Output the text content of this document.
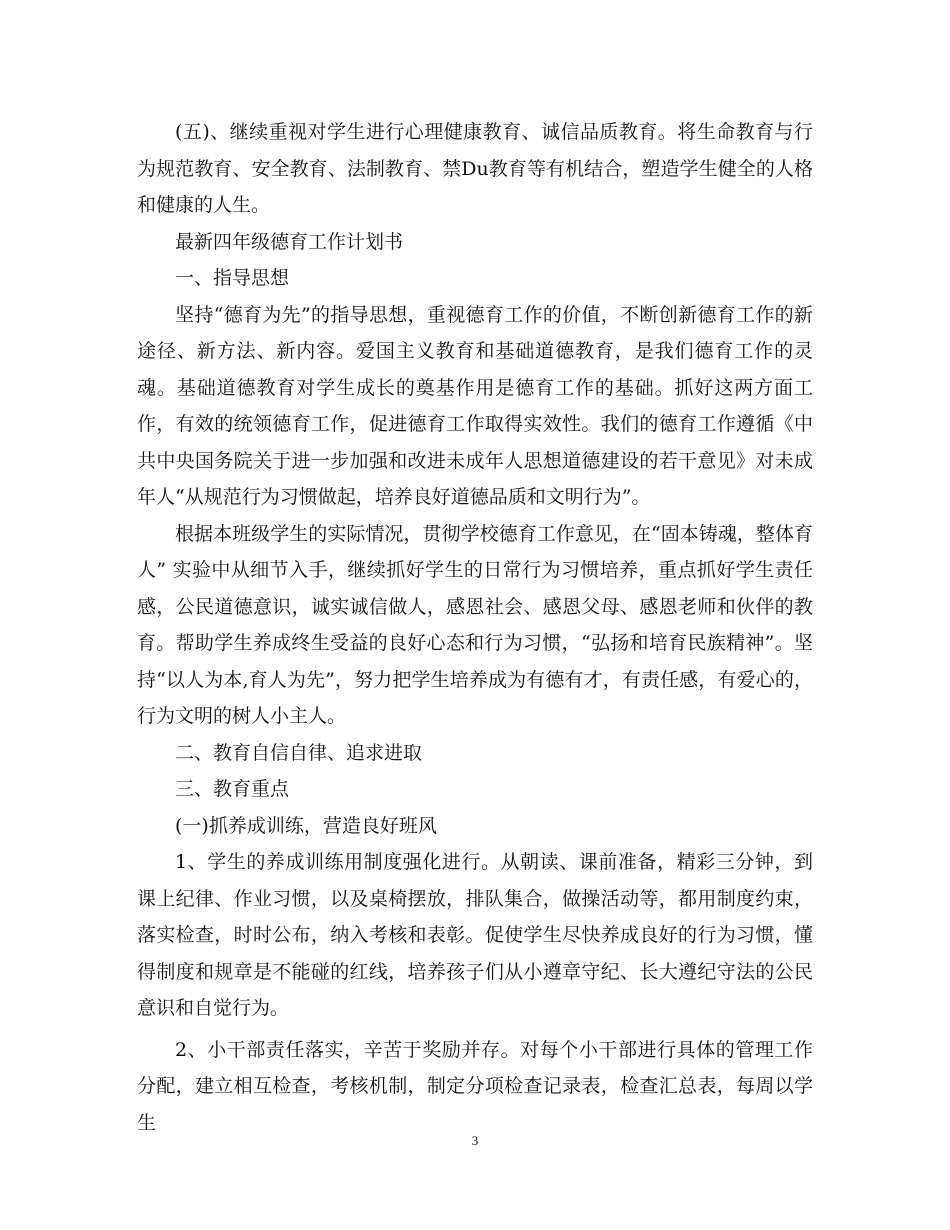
(五)、继续重视对学生进行心理健康教育、诚信品质教育。将生命教育与行为规范教育、安全教育、法制教育、禁Du教育等有机结合，塑造学生健全的人格和健康的人生。

最新四年级德育工作计划书

一、指导思想

坚持“德育为先”的指导思想，重视德育工作的价值，不断创新德育工作的新途径、新方法、新内容。爱国主义教育和基础道德教育，是我们德育工作的灵魂。基础道德教育对学生成长的奠基作用是德育工作的基础。抓好这两方面工作，有效的统领德育工作，促进德育工作取得实效性。我们的德育工作遵循《中共中央国务院关于进一步加强和改进未成年人思想道德建设的若干意见》对未成年人“从规范行为习惯做起，培养良好道德品质和文明行为”。

根据本班级学生的实际情况，贯彻学校德育工作意见，在“固本铸魂，整体育人” 实验中从细节入手，继续抓好学生的日常行为习惯培养，重点抓好学生责任感，公民道德意识，诚实诚信做人，感恩社会、感恩父母、感恩老师和伙伴的教育。帮助学生养成终生受益的良好心态和行为习惯，“弘扬和培育民族精神”。坚持“以人为本,育人为先”，努力把学生培养成为有德有才，有责任感，有爱心的，行为文明的树人小主人。

二、教育自信自律、追求进取

三、教育重点

(一)抓养成训练，营造良好班风

1、学生的养成训练用制度强化进行。从朝读、课前准备，精彩三分钟，到课上纪律、作业习惯，以及桌椅摆放，排队集合，做操活动等，都用制度约束，落实检查，时时公布，纳入考核和表彰。促使学生尽快养成良好的行为习惯，懂得制度和规章是不能碰的红线，培养孩子们从小遵章守纪、长大遵纪守法的公民意识和自觉行为。

2、小干部责任落实，辛苦于奖励并存。对每个小干部进行具体的管理工作分配，建立相互检查，考核机制，制定分项检查记录表，检查汇总表，每周以学生

3
